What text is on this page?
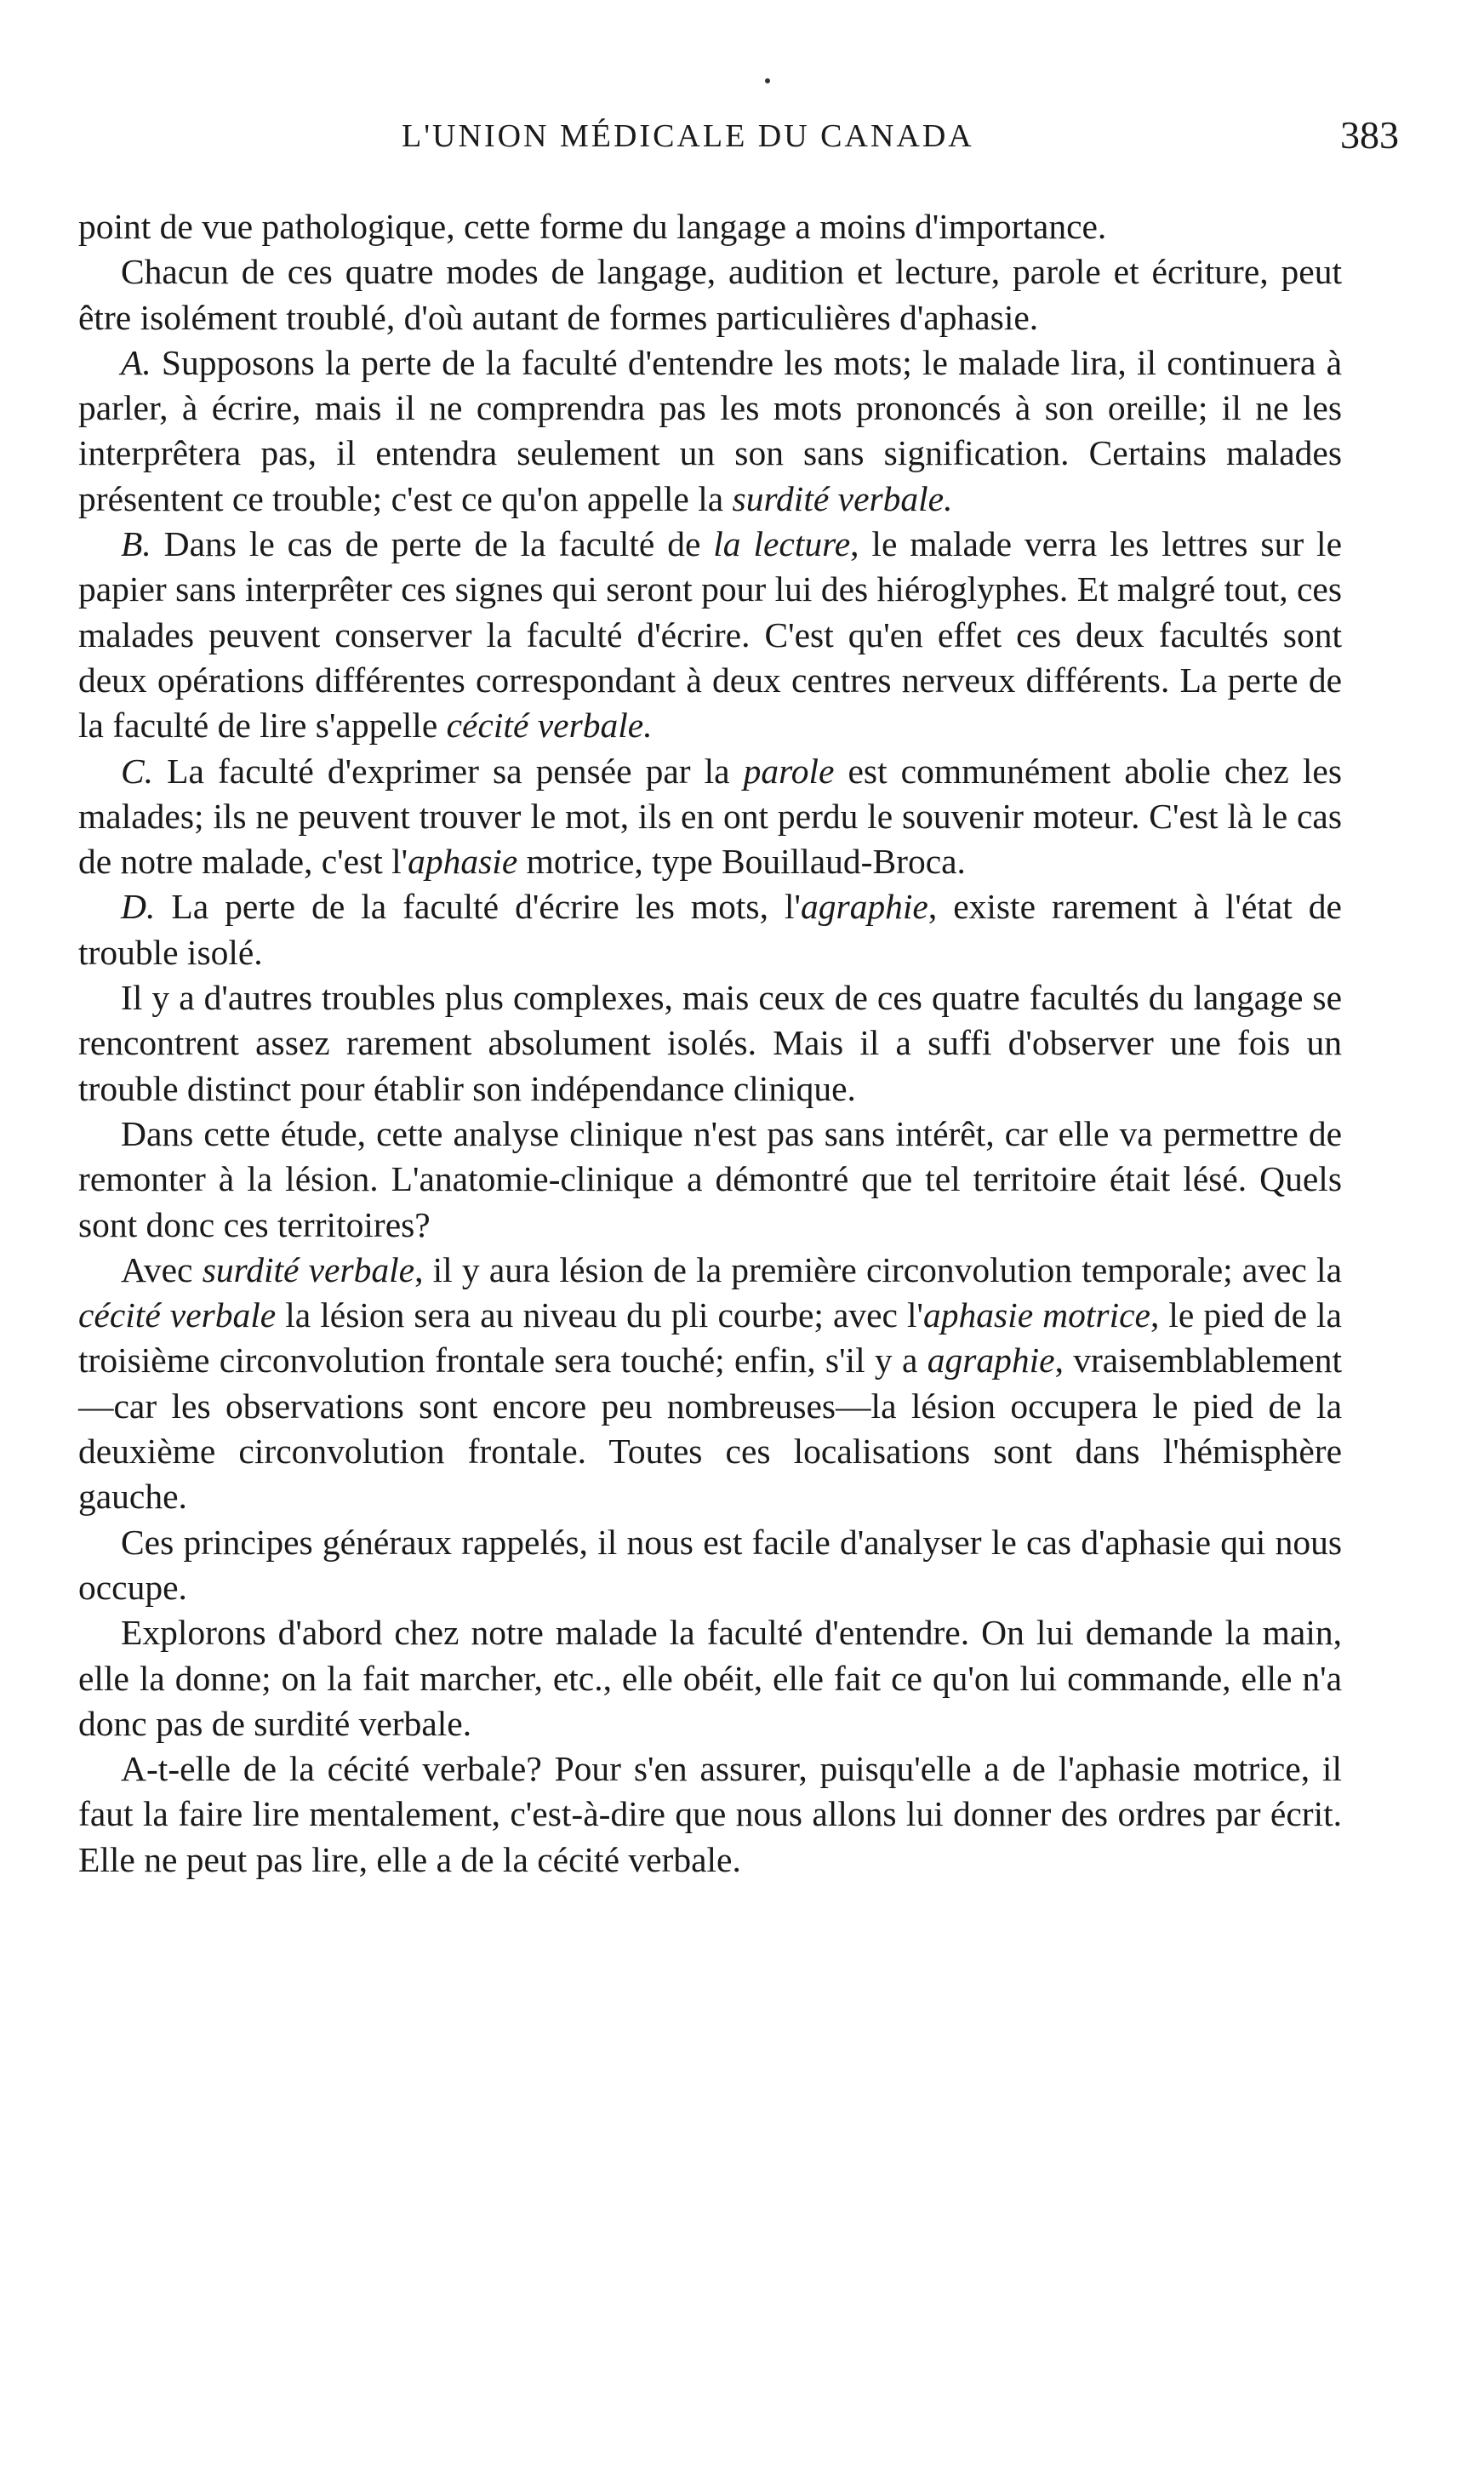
L'UNION MÉDICALE DU CANADA	383

point de vue pathologique, cette forme du langage a moins d'importance.

Chacun de ces quatre modes de langage, audition et lecture, parole et écriture, peut être isolément troublé, d'où autant de formes particulières d'aphasie.

A. Supposons la perte de la faculté d'entendre les mots; le malade lira, il continuera à parler, à écrire, mais il ne comprendra pas les mots prononcés à son oreille; il ne les interprêtera pas, il entendra seulement un son sans signification. Certains malades présentent ce trouble; c'est ce qu'on appelle la surdité verbale.

B. Dans le cas de perte de la faculté de la lecture, le malade verra les lettres sur le papier sans interprêter ces signes qui seront pour lui des hiéroglyphes. Et malgré tout, ces malades peuvent conserver la faculté d'écrire. C'est qu'en effet ces deux facultés sont deux opérations différentes correspondant à deux centres nerveux différents. La perte de la faculté de lire s'appelle cécité verbale.

C. La faculté d'exprimer sa pensée par la parole est communément abolie chez les malades; ils ne peuvent trouver le mot, ils en ont perdu le souvenir moteur. C'est là le cas de notre malade, c'est l'aphasie motrice, type Bouillaud-Broca.

D. La perte de la faculté d'écrire les mots, l'agraphie, existe rarement à l'état de trouble isolé.

Il y a d'autres troubles plus complexes, mais ceux de ces quatre facultés du langage se rencontrent assez rarement absolument isolés. Mais il a suffi d'observer une fois un trouble distinct pour établir son indépendance clinique.

Dans cette étude, cette analyse clinique n'est pas sans intérêt, car elle va permettre de remonter à la lésion. L'anatomie-clinique a démontré que tel territoire était lésé. Quels sont donc ces territoires?

Avec surdité verbale, il y aura lésion de la première circonvolution temporale; avec la cécité verbale la lésion sera au niveau du pli courbe; avec l'aphasie motrice, le pied de la troisième circonvolution frontale sera touché; enfin, s'il y a agraphie, vraisemblablement—car les observations sont encore peu nombreuses—la lésion occupera le pied de la deuxième circonvolution frontale. Toutes ces localisations sont dans l'hémisphère gauche.

Ces principes généraux rappelés, il nous est facile d'analyser le cas d'aphasie qui nous occupe.

Explorons d'abord chez notre malade la faculté d'entendre. On lui demande la main, elle la donne; on la fait marcher, etc., elle obéit, elle fait ce qu'on lui commande, elle n'a donc pas de surdité verbale.

A-t-elle de la cécité verbale? Pour s'en assurer, puisqu'elle a de l'aphasie motrice, il faut la faire lire mentalement, c'est-à-dire que nous allons lui donner des ordres par écrit. Elle ne peut pas lire, elle a de la cécité verbale.
